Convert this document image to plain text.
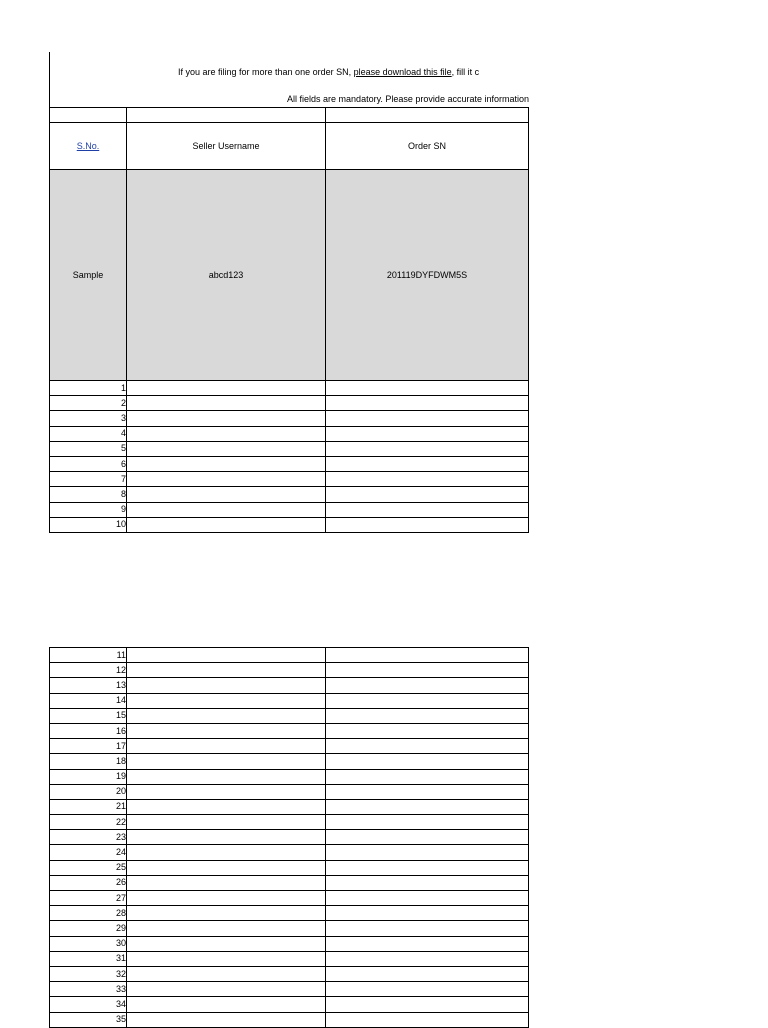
If you are filing for more than one order SN, please download this file, fill it c
All fields are mandatory. Please provide accurate information

S.No.	Seller Username	Order SN
Sample	abcd123	201119DYFDWM5S
1		
2		
3		
4		
5		
6		
7		
8		
9		
10		
11		
12		
13		
14		
15		
16		
17		
18		
19		
20		
21		
22		
23		
24		
25		
26		
27		
28		
29		
30		
31		
32		
33		
34		
35		
